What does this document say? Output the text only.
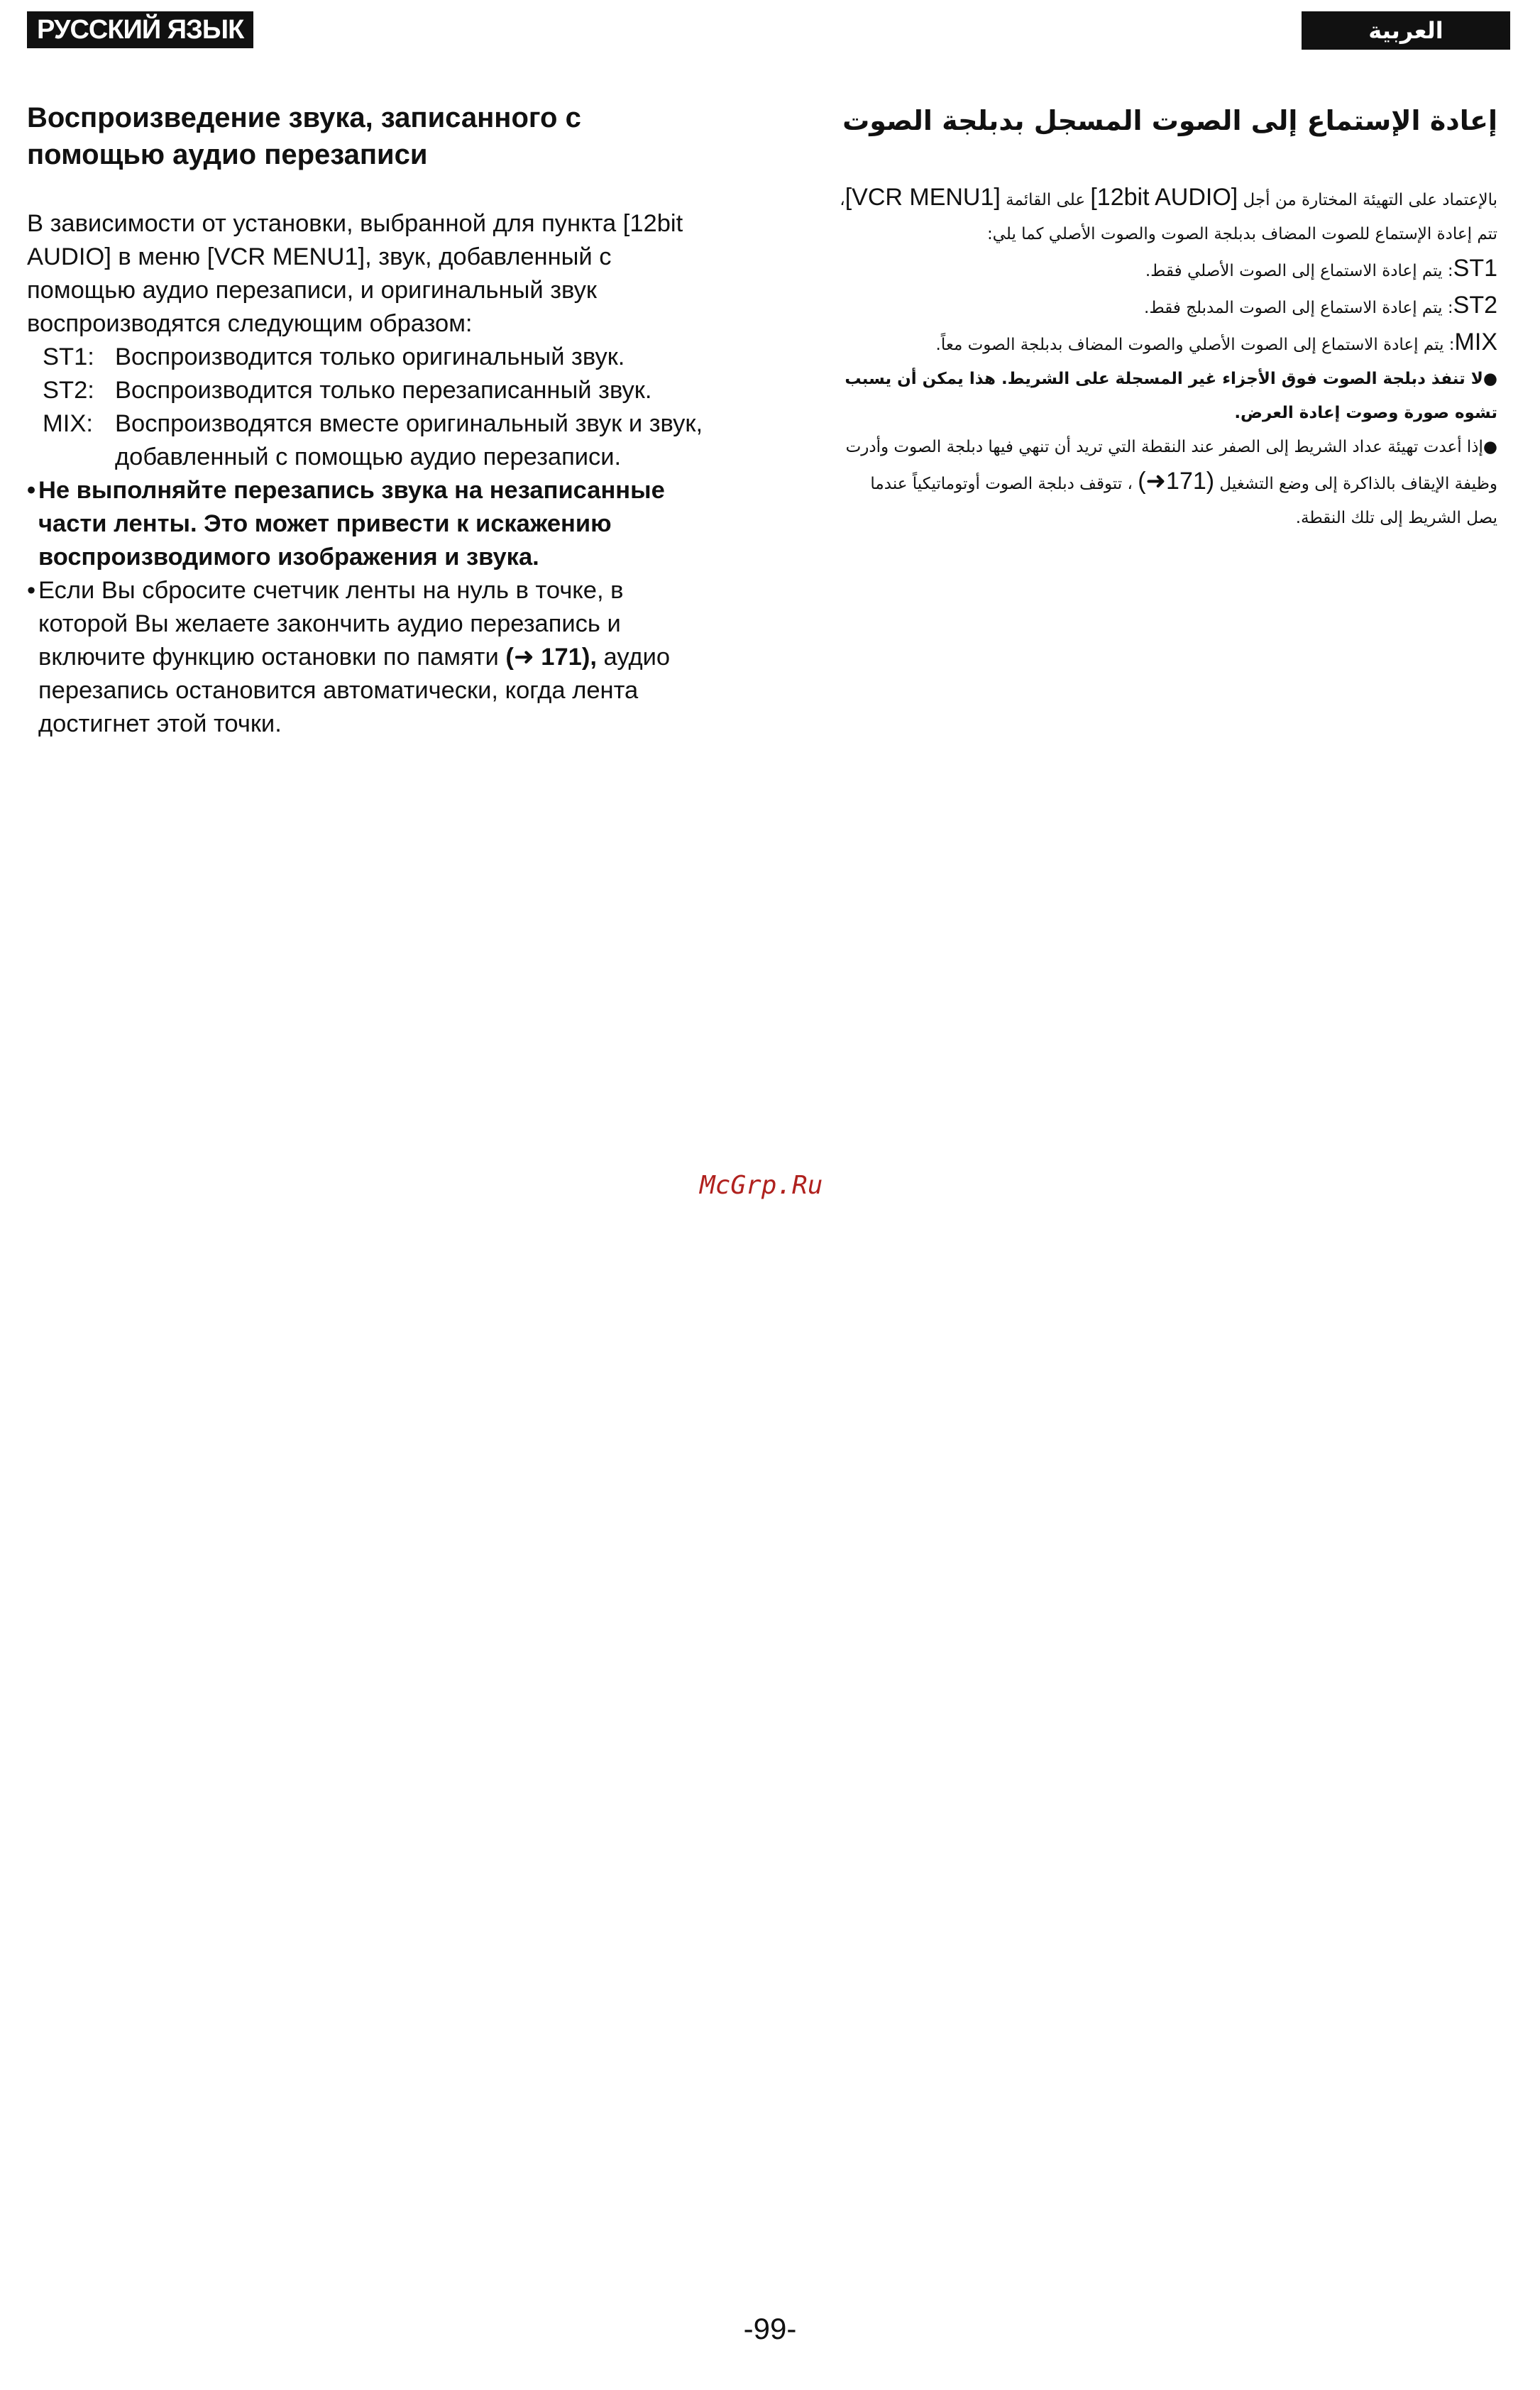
РУССКИЙ ЯЗЫК	العربية
Воспроизведение звука, записанного с помощью аудио перезаписи

В зависимости от установки, выбранной для пункта [12bit AUDIO] в меню [VCR MENU1], звук, добавленный с помощью аудио перезаписи, и оригинальный звук воспроизводятся следующим образом:

ST1: Воспроизводится только оригинальный звук.
ST2: Воспроизводится только перезаписанный звук.
MIX: Воспроизводятся вместе оригинальный звук и звук, добавленный с помощью аудио перезаписи.

• Не выполняйте перезапись звука на незаписанные части ленты. Это может привести к искажению воспроизводимого изображения и звука.

• Если Вы сбросите счетчик ленты на нуль в точке, в которой Вы желаете закончить аудио перезапись и включите функцию остановки по памяти (➜ 171), аудио перезапись остановится автоматически, когда лента достигнет этой точки.

إعادة الإستماع إلى الصوت المسجل بدبلجة الصوت

بالإعتماد على التهيئة المختارة من أجل [12bit AUDIO] على القائمة [VCR MENU1]، تتم إعادة الإستماع للصوت المضاف بدبلجة الصوت والصوت الأصلي كما يلي:

ST1: يتم إعادة الاستماع إلى الصوت الأصلي فقط.

ST2: يتم إعادة الاستماع إلى الصوت المدبلج فقط.

MIX: يتم إعادة الاستماع إلى الصوت الأصلي والصوت المضاف بدبلجة الصوت معاً.

●لا تنفذ دبلجة الصوت فوق الأجزاء غير المسجلة على الشريط. هذا يمكن أن يسبب تشوه صورة وصوت إعادة العرض.

●إذا أعدت تهيئة عداد الشريط إلى الصفر عند النقطة التي تريد أن تنهي فيها دبلجة الصوت وأدرت وظيفة الإيقاف بالذاكرة إلى وضع التشغيل (➜171) ، تتوقف دبلجة الصوت أوتوماتيكياً عندما يصل الشريط إلى تلك النقطة.

McGrp.Ru
-99-
